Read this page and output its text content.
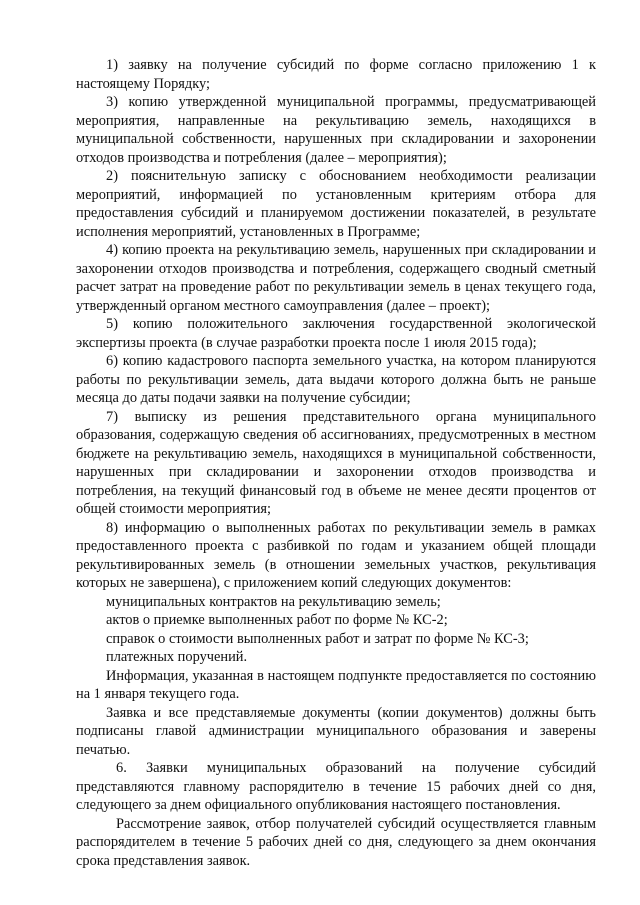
1) заявку на получение субсидий по форме согласно приложению 1 к настоящему Порядку;

3) копию утвержденной муниципальной программы, предусматривающей мероприятия, направленные на рекультивацию земель, находящихся в муниципальной собственности, нарушенных при складировании и захоронении отходов производства и потребления (далее – мероприятия);

2) пояснительную записку с обоснованием необходимости реализации мероприятий, информацией по установленным критериям отбора для предоставления субсидий и планируемом достижении показателей, в результате исполнения мероприятий, установленных в Программе;

4) копию проекта на рекультивацию земель, нарушенных при складировании и захоронении отходов производства и потребления, содержащего сводный сметный расчет затрат на проведение работ по рекультивации земель в ценах текущего года, утвержденный органом местного самоуправления (далее – проект);

5) копию положительного заключения государственной экологической экспертизы проекта (в случае разработки проекта после 1 июля 2015 года);

6) копию кадастрового паспорта земельного участка, на котором планируются работы по рекультивации земель, дата выдачи которого должна быть не раньше месяца до даты подачи заявки на получение субсидии;

7) выписку из решения представительного органа муниципального образования, содержащую сведения об ассигнованиях, предусмотренных в местном бюджете на рекультивацию земель, находящихся в муниципальной собственности, нарушенных при складировании и захоронении отходов производства и потребления, на текущий финансовый год в объеме не менее десяти процентов от общей стоимости мероприятия;

8) информацию о выполненных работах по рекультивации земель в рамках предоставленного проекта с разбивкой по годам и указанием общей площади рекультивированных земель (в отношении земельных участков, рекультивация которых не завершена), с приложением копий следующих документов:

муниципальных контрактов на рекультивацию земель;

актов о приемке выполненных работ по форме № КС-2;

справок о стоимости выполненных работ и затрат по форме № КС-3;

платежных поручений.

Информация, указанная в настоящем подпункте предоставляется по состоянию на 1 января текущего года.

Заявка и все представляемые документы (копии документов) должны быть подписаны главой администрации муниципального образования и заверены печатью.

6. Заявки муниципальных образований на получение субсидий представляются главному распорядителю в течение 15 рабочих дней со дня, следующего за днем официального опубликования настоящего постановления.

Рассмотрение заявок, отбор получателей субсидий осуществляется главным распорядителем в течение 5 рабочих дней со дня, следующего за днем окончания срока представления заявок.
